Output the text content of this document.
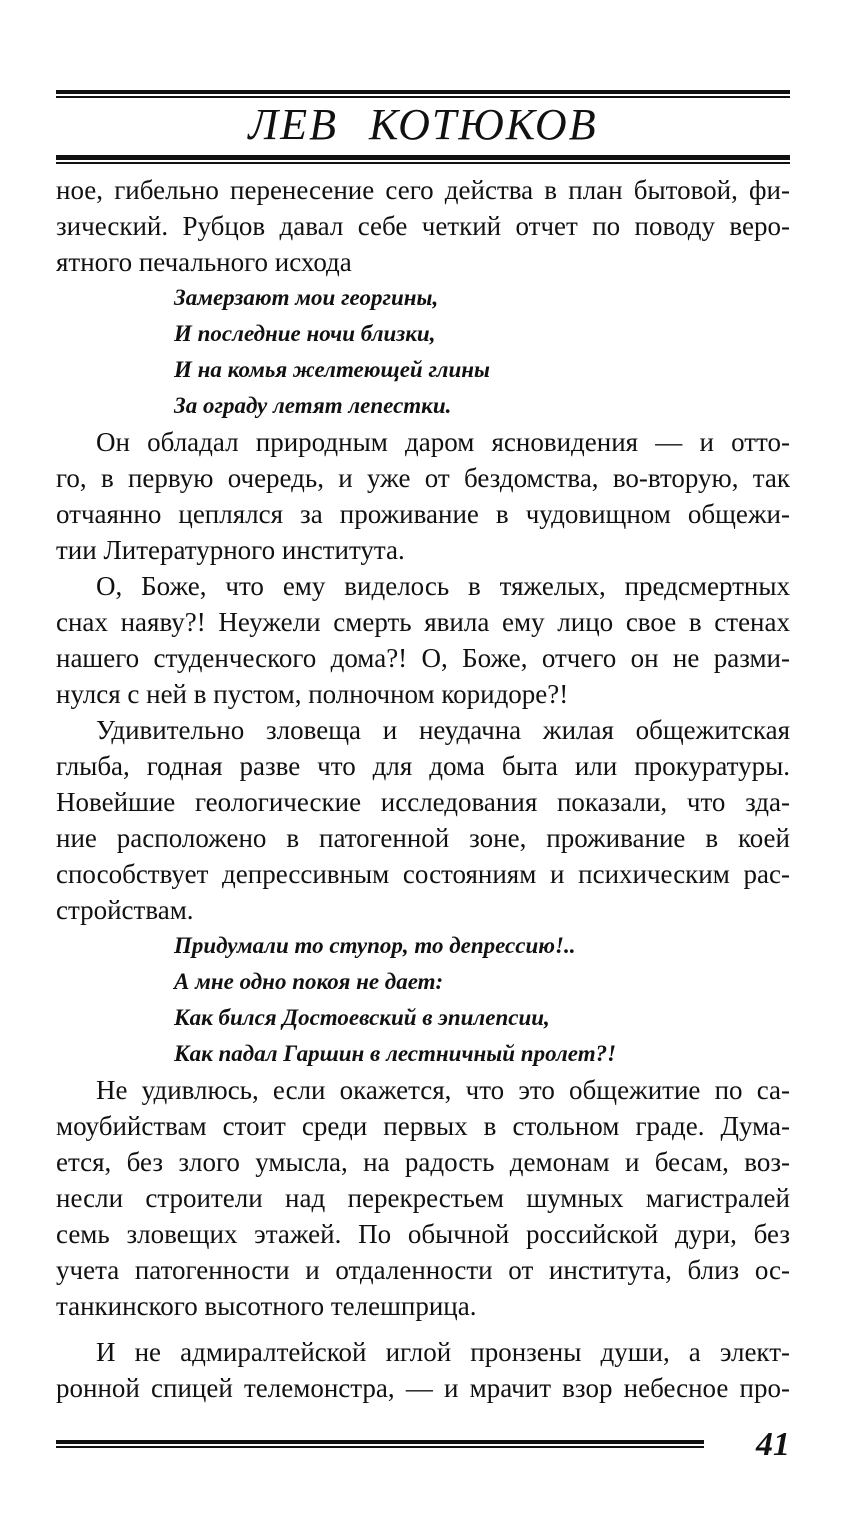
ЛЕВ КОТЮКОВ
ное, гибельно перенесение сего действа в план бытовой, фи-
зический. Рубцов давал себе четкий отчет по поводу веро-
ятного печального исхода
Замерзают мои георгины,
И последние ночи близки,
И на комья желтеющей глины
За ограду летят лепестки.
Он обладал природным даром ясновидения — и отто-
го, в первую очередь, и уже от бездомства, во-вторую, так
отчаянно цеплялся за проживание в чудовищном общежи-
тии Литературного института.
О, Боже, что ему виделось в тяжелых, предсмертных
снах наяву?! Неужели смерть явила ему лицо свое в стенах
нашего студенческого дома?! О, Боже, отчего он не разми-
нулся с ней в пустом, полночном коридоре?!
Удивительно зловеща и неудачна жилая общежитская
глыба, годная разве что для дома быта или прокуратуры.
Новейшие геологические исследования показали, что зда-
ние расположено в патогенной зоне, проживание в коей
способствует депрессивным состояниям и психическим рас-
стройствам.
Придумали то ступор, то депрессию!..
А мне одно покоя не дает:
Как бился Достоевский в эпилепсии,
Как падал Гаршин в лестничный пролет?!
Не удивлюсь, если окажется, что это общежитие по са-
моубийствам стоит среди первых в стольном граде. Дума-
ется, без злого умысла, на радость демонам и бесам, воз-
несли строители над перекрестьем шумных магистралей
семь зловещих этажей. По обычной российской дури, без
учета патогенности и отдаленности от института, близ ос-
танкинского высотного телешприца.
И не адмиралтейской иглой пронзены души, а элект-
ронной спицей телемонстра, — и мрачит взор небесное про-
41
